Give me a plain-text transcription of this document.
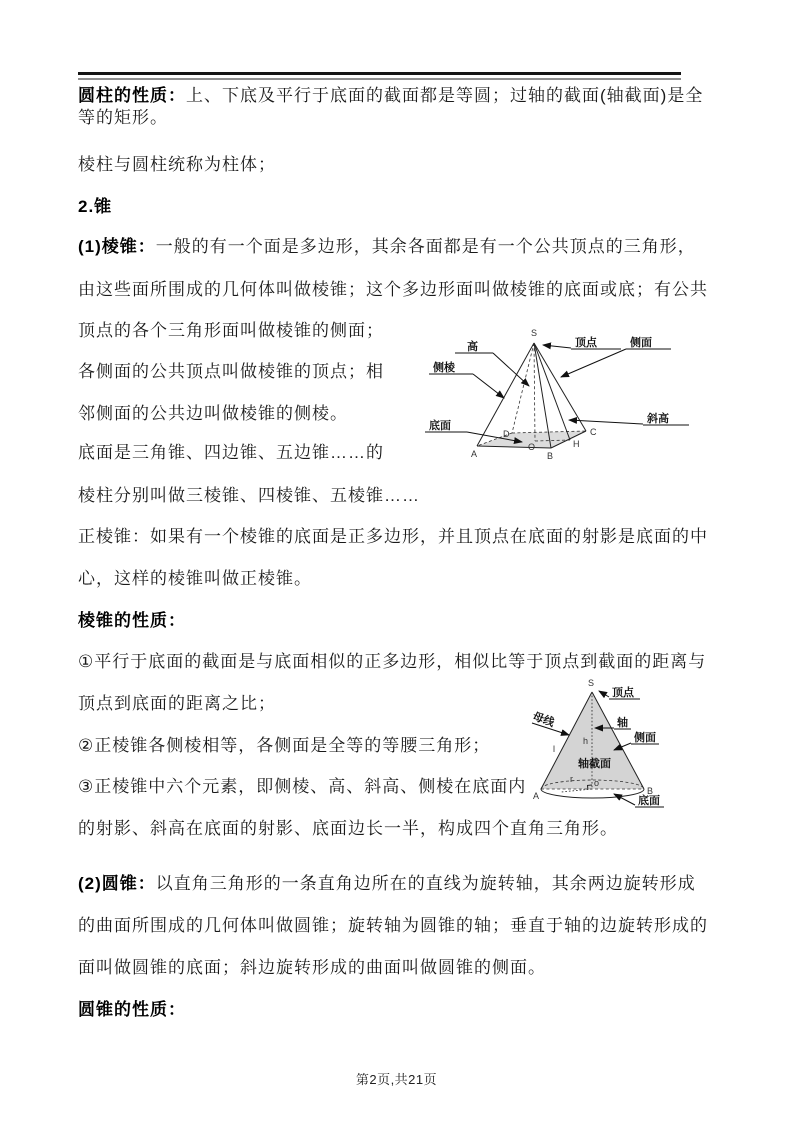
圆柱的性质：上、下底及平行于底面的截面都是等圆；过轴的截面(轴截面)是全
等的矩形。
棱柱与圆柱统称为柱体；
2.锥
(1)棱锥：一般的有一个面是多边形，其余各面都是有一个公共顶点的三角形，
由这些面所围成的几何体叫做棱锥；这个多边形面叫做棱锥的底面或底；有公共
顶点的各个三角形面叫做棱锥的侧面；
各侧面的公共顶点叫做棱锥的顶点；相
邻侧面的公共边叫做棱锥的侧棱。
底面是三角锥、四边锥、五边锥……的
棱柱分别叫做三棱锥、四棱锥、五棱锥……
正棱锥：如果有一个棱锥的底面是正多边形，并且顶点在底面的射影是底面的中
心，这样的棱锥叫做正棱锥。
棱锥的性质：
①平行于底面的截面是与底面相似的正多边形，相似比等于顶点到截面的距离与
顶点到底面的距离之比；
②正棱锥各侧棱相等，各侧面是全等的等腰三角形；
③正棱锥中六个元素，即侧棱、高、斜高、侧棱在底面内
的射影、斜高在底面的射影、底面边长一半，构成四个直角三角形。
(2)圆锥：以直角三角形的一条直角边所在的直线为旋转轴，其余两边旋转形成
的曲面所围成的几何体叫做圆锥；旋转轴为圆锥的轴；垂直于轴的边旋转形成的
面叫做圆锥的底面；斜边旋转形成的曲面叫做圆锥的侧面。
圆锥的性质：
S
A	B
C
D
O	H
高	顶点	侧面
侧棱
底面
斜高
S
A	B
o
h
l
r
顶点
母线	轴
侧面
轴截面
底面
第2页,共21页
